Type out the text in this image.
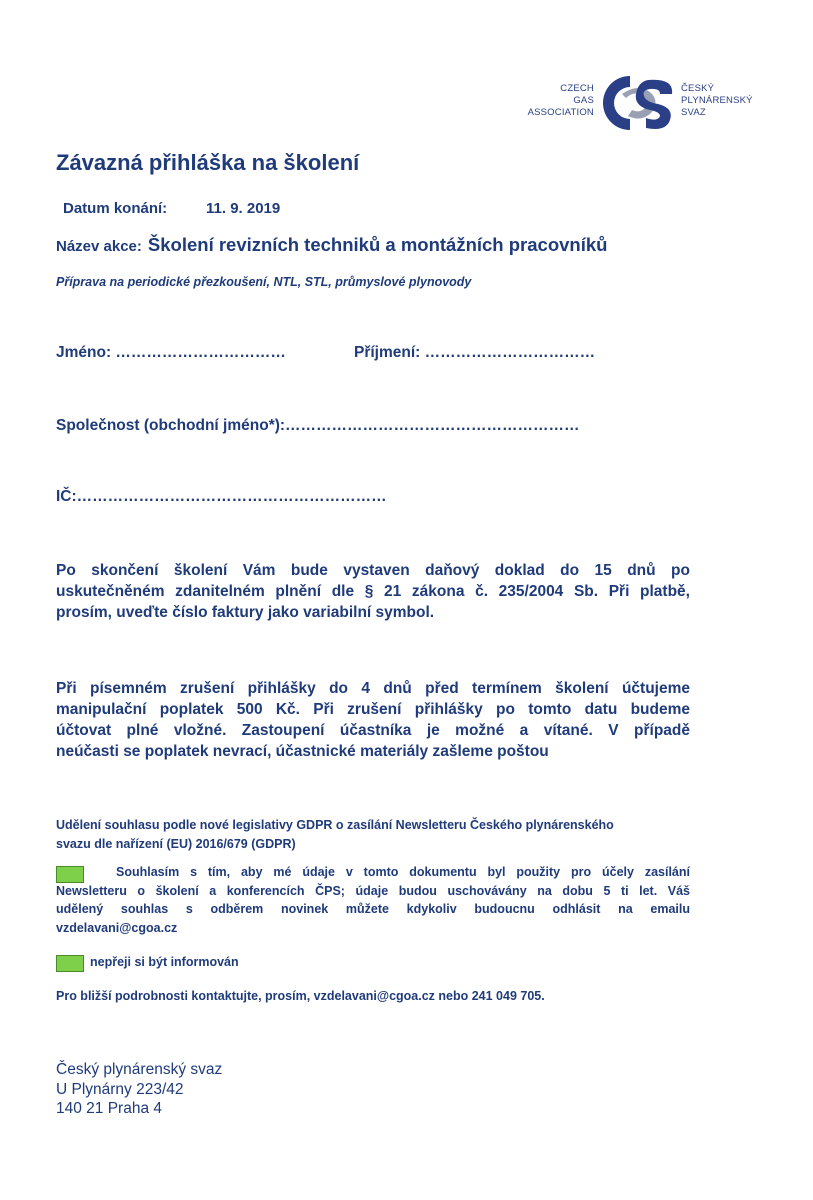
CZECH
GAS
ASSOCIATION
ČESKÝ
PLYNÁRENSKÝ
SVAZ
Závazná přihláška na školení
Datum konání:	11. 9. 2019
Název akce: Školení revizních techniků a montážních pracovníků
Příprava na periodické přezkoušení, NTL, STL, průmyslové plynovody
Jméno: ……………………………	Příjmení: ……………………………
Společnost (obchodní jméno*):…………………………………………………
IČ:……………………………………………………
Po skončení školení Vám bude vystaven daňový doklad do 15 dnů po
uskutečněném zdanitelném plnění dle § 21 zákona č. 235/2004 Sb. Při platbě,
prosím, uveďte číslo faktury jako variabilní symbol.
Při písemném zrušení přihlášky do 4 dnů před termínem školení účtujeme
manipulační poplatek 500 Kč. Při zrušení přihlášky po tomto datu budeme
účtovat plné vložné. Zastoupení účastníka je možné a vítané. V případě
neúčasti se poplatek nevrací, účastnické materiály zašleme poštou
Udělení souhlasu podle nové legislativy GDPR o zasílání Newsletteru Českého plynárenského
svazu dle nařízení (EU) 2016/679 (GDPR)
Souhlasím s tím, aby mé údaje v tomto dokumentu byl použity pro účely zasílání
Newsletteru o školení a konferencích ČPS; údaje budou uschovávány na dobu 5 ti let. Váš
udělený souhlas s odběrem novinek můžete kdykoliv budoucnu odhlásit na emailu
vzdelavani@cgoa.cz
nepřeji si být informován
Pro bližší podrobnosti kontaktujte, prosím, vzdelavani@cgoa.cz nebo 241 049 705.
Český plynárenský svaz
U Plynárny 223/42
140 21 Praha 4
